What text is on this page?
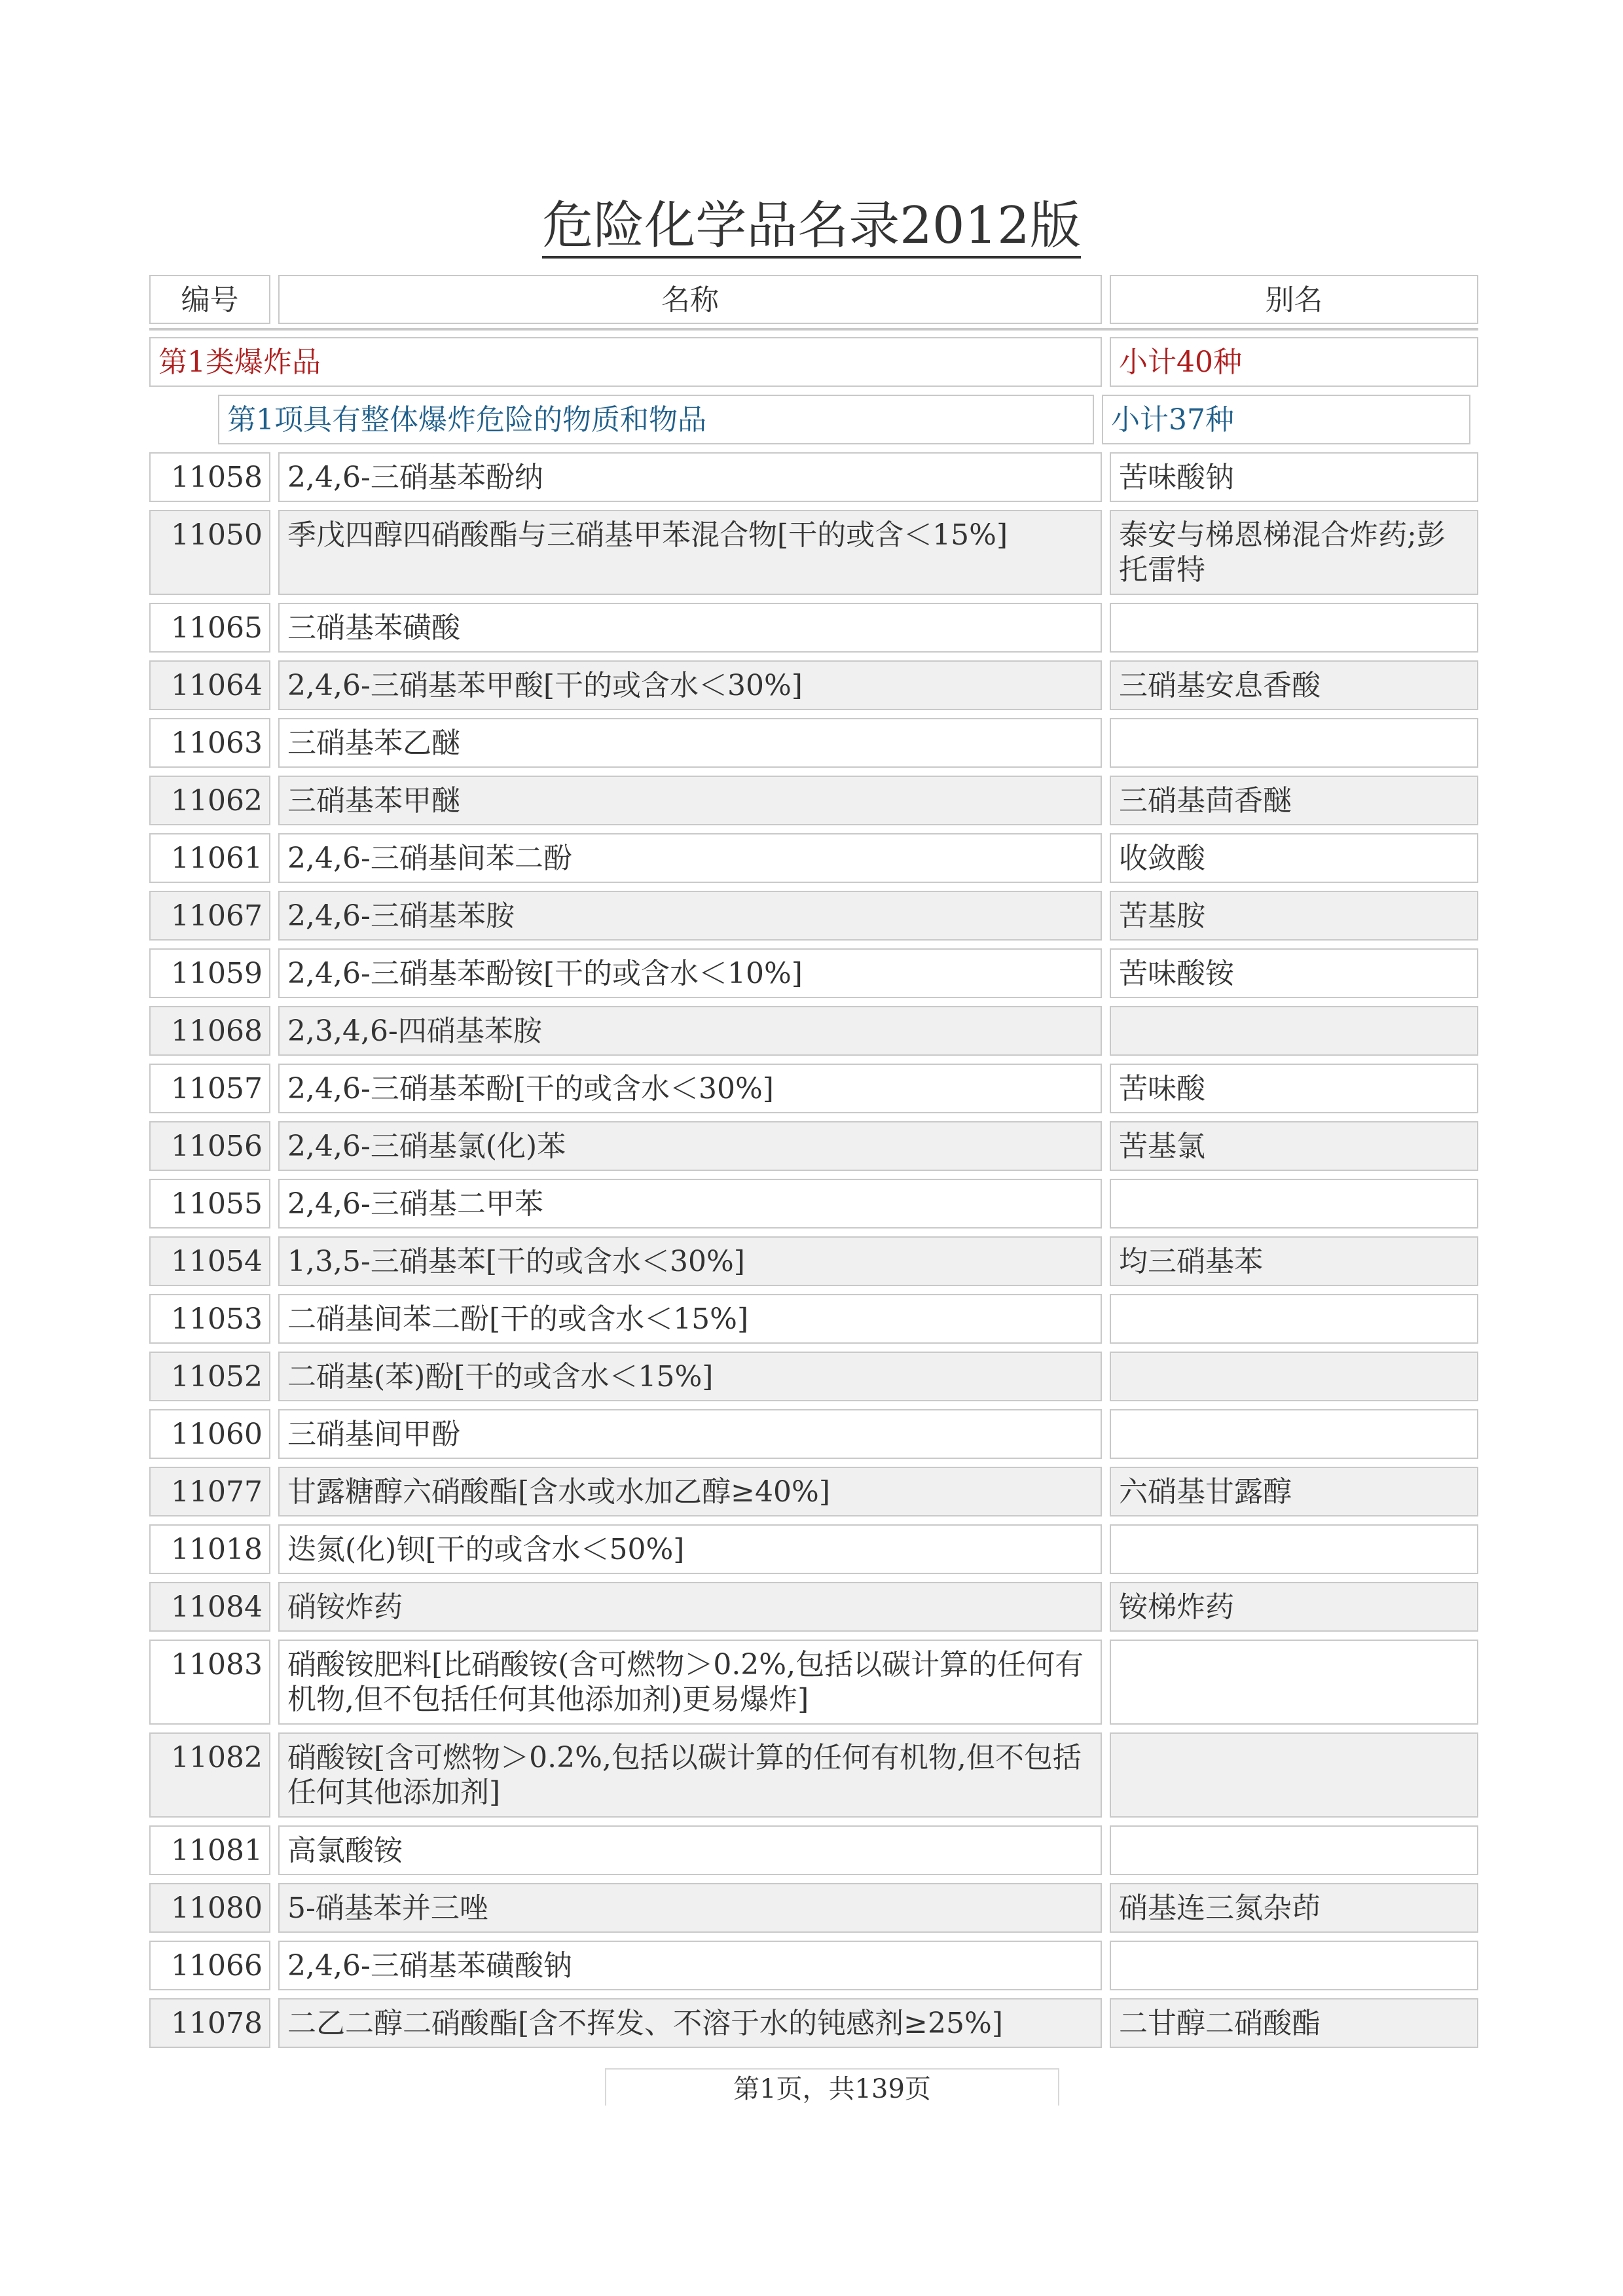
危险化学品名录2012版
编号	名称	别名
第1类爆炸品	小计40种
第1项具有整体爆炸危险的物质和物品	小计37种
11058 2,4,6-三硝基苯酚纳	苦味酸钠
11050 季戊四醇四硝酸酯与三硝基甲苯混合物[干的或含＜15%]	泰安与梯恩梯混合炸药;彭托雷特
11065 三硝基苯磺酸
11064 2,4,6-三硝基苯甲酸[干的或含水＜30%]	三硝基安息香酸
11063 三硝基苯乙醚
11062 三硝基苯甲醚	三硝基茴香醚
11061 2,4,6-三硝基间苯二酚	收敛酸
11067 2,4,6-三硝基苯胺	苦基胺
11059 2,4,6-三硝基苯酚铵[干的或含水＜10%]	苦味酸铵
11068 2,3,4,6-四硝基苯胺
11057 2,4,6-三硝基苯酚[干的或含水＜30%]	苦味酸
11056 2,4,6-三硝基氯(化)苯	苦基氯
11055 2,4,6-三硝基二甲苯
11054 1,3,5-三硝基苯[干的或含水＜30%]	均三硝基苯
11053 二硝基间苯二酚[干的或含水＜15%]
11052 二硝基(苯)酚[干的或含水＜15%]
11060 三硝基间甲酚
11077 甘露糖醇六硝酸酯[含水或水加乙醇≥40%]	六硝基甘露醇
11018 迭氮(化)钡[干的或含水＜50%]
11084 硝铵炸药	铵梯炸药
11083 硝酸铵肥料[比硝酸铵(含可燃物＞0.2%,包括以碳计算的任何有机物,但不包括任何其他添加剂)更易爆炸]
11082 硝酸铵[含可燃物＞0.2%,包括以碳计算的任何有机物,但不包括任何其他添加剂]
11081 高氯酸铵
11080 5-硝基苯并三唑	硝基连三氮杂茚
11066 2,4,6-三硝基苯磺酸钠
11078 二乙二醇二硝酸酯[含不挥发、不溶于水的钝感剂≥25%]	二甘醇二硝酸酯
第1页，共139页
